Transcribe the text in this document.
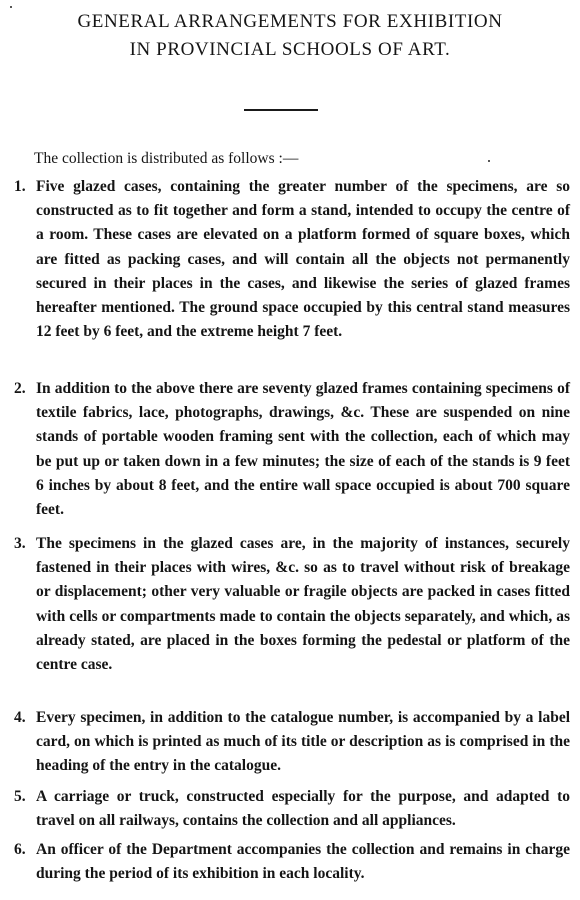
GENERAL ARRANGEMENTS FOR EXHIBITION
IN PROVINCIAL SCHOOLS OF ART.
The collection is distributed as follows :—
1. Five glazed cases, containing the greater number of the specimens, are so constructed as to fit together and form a stand, intended to occupy the centre of a room. These cases are elevated on a platform formed of square boxes, which are fitted as packing cases, and will contain all the objects not permanently secured in their places in the cases, and likewise the series of glazed frames hereafter mentioned. The ground space occupied by this central stand measures 12 feet by 6 feet, and the extreme height 7 feet.
2. In addition to the above there are seventy glazed frames containing specimens of textile fabrics, lace, photographs, drawings, &c. These are suspended on nine stands of portable wooden framing sent with the collection, each of which may be put up or taken down in a few minutes; the size of each of the stands is 9 feet 6 inches by about 8 feet, and the entire wall space occupied is about 700 square feet.
3. The specimens in the glazed cases are, in the majority of instances, securely fastened in their places with wires, &c. so as to travel without risk of breakage or displacement; other very valuable or fragile objects are packed in cases fitted with cells or compartments made to contain the objects separately, and which, as already stated, are placed in the boxes forming the pedestal or platform of the centre case.
4. Every specimen, in addition to the catalogue number, is accompanied by a label card, on which is printed as much of its title or description as is comprised in the heading of the entry in the catalogue.
5. A carriage or truck, constructed especially for the purpose, and adapted to travel on all railways, contains the collection and all appliances.
6. An officer of the Department accompanies the collection and remains in charge during the period of its exhibition in each locality.
